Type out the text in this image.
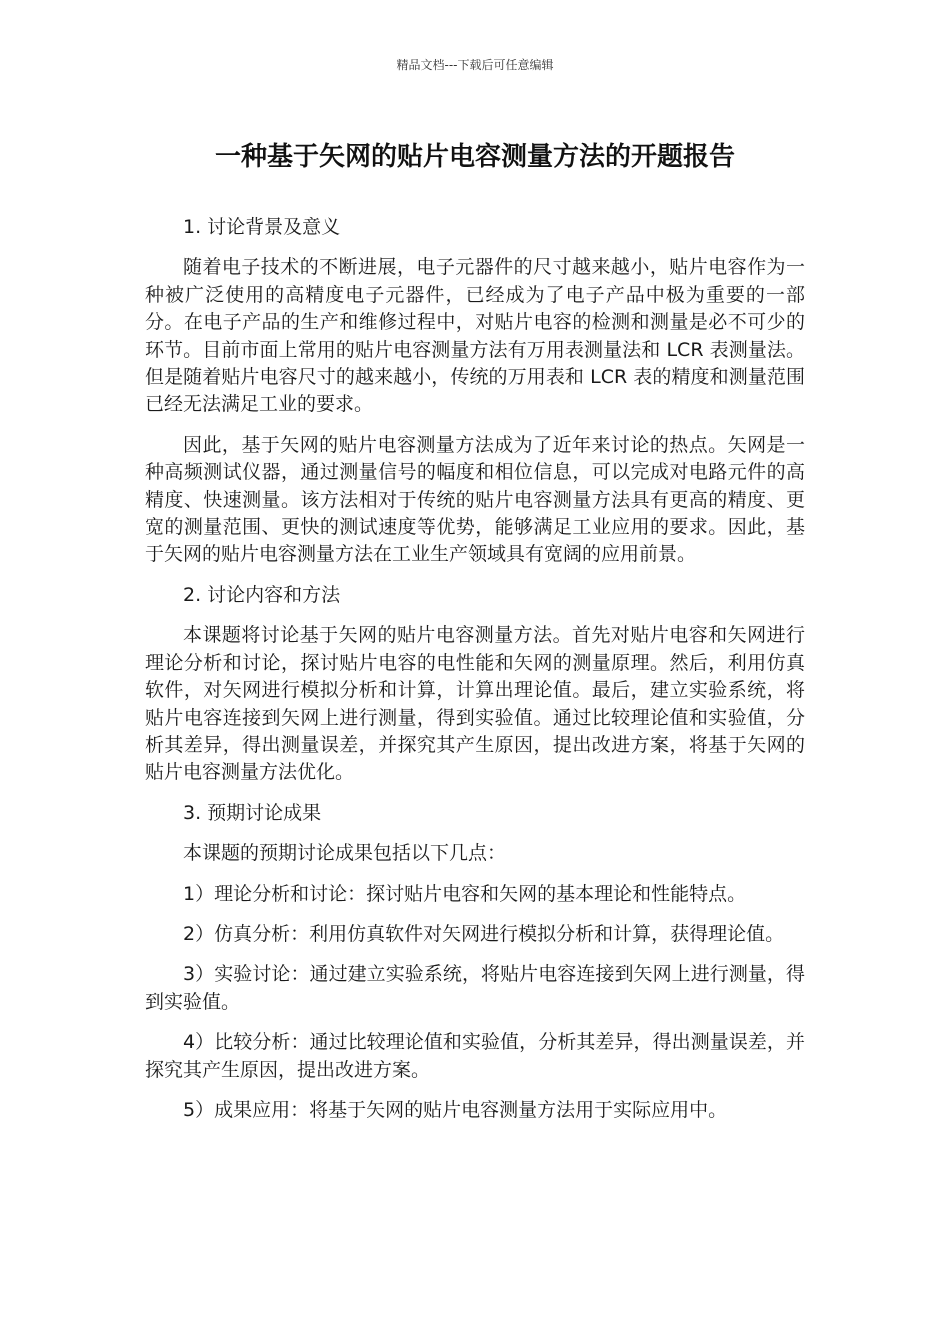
精品文档---下载后可任意编辑
一种基于矢网的贴片电容测量方法的开题报告

1. 讨论背景及意义

随着电子技术的不断进展，电子元器件的尺寸越来越小，贴片电容作为一种被广泛使用的高精度电子元器件，已经成为了电子产品中极为重要的一部分。在电子产品的生产和维修过程中，对贴片电容的检测和测量是必不可少的环节。目前市面上常用的贴片电容测量方法有万用表测量法和 LCR 表测量法。但是随着贴片电容尺寸的越来越小，传统的万用表和 LCR 表的精度和测量范围已经无法满足工业的要求。

因此，基于矢网的贴片电容测量方法成为了近年来讨论的热点。矢网是一种高频测试仪器，通过测量信号的幅度和相位信息，可以完成对电路元件的高精度、快速测量。该方法相对于传统的贴片电容测量方法具有更高的精度、更宽的测量范围、更快的测试速度等优势，能够满足工业应用的要求。因此，基于矢网的贴片电容测量方法在工业生产领域具有宽阔的应用前景。

2. 讨论内容和方法

本课题将讨论基于矢网的贴片电容测量方法。首先对贴片电容和矢网进行理论分析和讨论，探讨贴片电容的电性能和矢网的测量原理。然后，利用仿真软件，对矢网进行模拟分析和计算，计算出理论值。最后，建立实验系统，将贴片电容连接到矢网上进行测量，得到实验值。通过比较理论值和实验值，分析其差异，得出测量误差，并探究其产生原因，提出改进方案，将基于矢网的贴片电容测量方法优化。

3. 预期讨论成果

本课题的预期讨论成果包括以下几点：

1）理论分析和讨论：探讨贴片电容和矢网的基本理论和性能特点。

2）仿真分析：利用仿真软件对矢网进行模拟分析和计算，获得理论值。

3）实验讨论：通过建立实验系统，将贴片电容连接到矢网上进行测量，得到实验值。

4）比较分析：通过比较理论值和实验值，分析其差异，得出测量误差，并探究其产生原因，提出改进方案。

5）成果应用：将基于矢网的贴片电容测量方法用于实际应用中。
